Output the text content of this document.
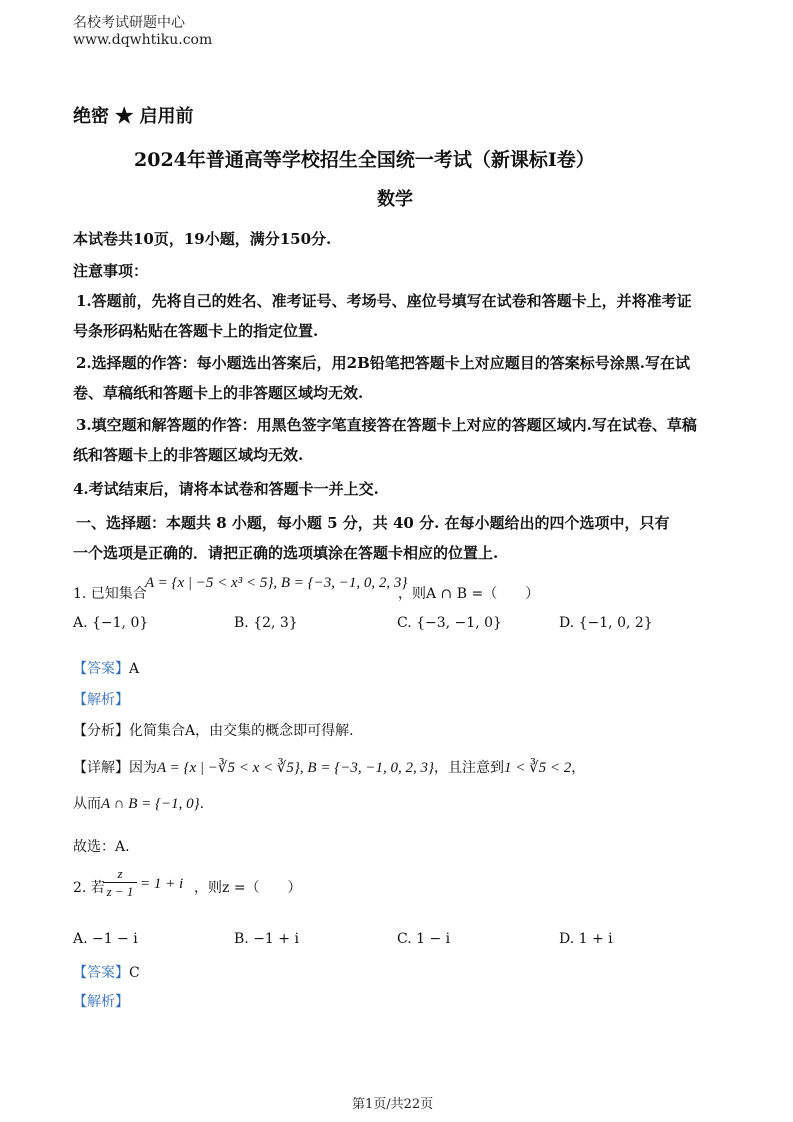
名校考试研题中心
www.dqwhtiku.com
绝密 ★ 启用前
2024年普通高等学校招生全国统一考试（新课标I卷）
数学
本试卷共10页，19小题，满分150分.
注意事项：
1.答题前，先将自己的姓名、准考证号、考场号、座位号填写在试卷和答题卡上，并将准考证
号条形码粘贴在答题卡上的指定位置.
2.选择题的作答：每小题选出答案后，用2B铅笔把答题卡上对应题目的答案标号涂黑.写在试
卷、草稿纸和答题卡上的非答题区域均无效.
3.填空题和解答题的作答：用黑色签字笔直接答在答题卡上对应的答题区域内.写在试卷、草稿
纸和答题卡上的非答题区域均无效.
4.考试结束后，请将本试卷和答题卡一并上交.
一、选择题：本题共 8 小题，每小题 5 分，共 40 分. 在每小题给出的四个选项中，只有
一个选项是正确的．请把正确的选项填涂在答题卡相应的位置上.
1. 已知集合
A = {x | −5 < x³ < 5}, B = {−3, −1, 0, 2, 3}
，则A ∩ B =（　　）
A. {−1, 0}	B. {2, 3}	C. {−3, −1, 0}	D. {−1, 0, 2}
【答案】A
【解析】
【分析】化简集合A，由交集的概念即可得解.
【详解】因为A = {x | −∛5 < x < ∛5}, B = {−3, −1, 0, 2, 3}，且注意到1 < ∛5 < 2，
从而A ∩ B = {−1, 0}.
故选：A.
2. 若
z
z − 1 = 1 + i ，则z =（　　）
A. −1 − i	B. −1 + i	C. 1 − i	D. 1 + i
【答案】C
【解析】
第1页/共22页
